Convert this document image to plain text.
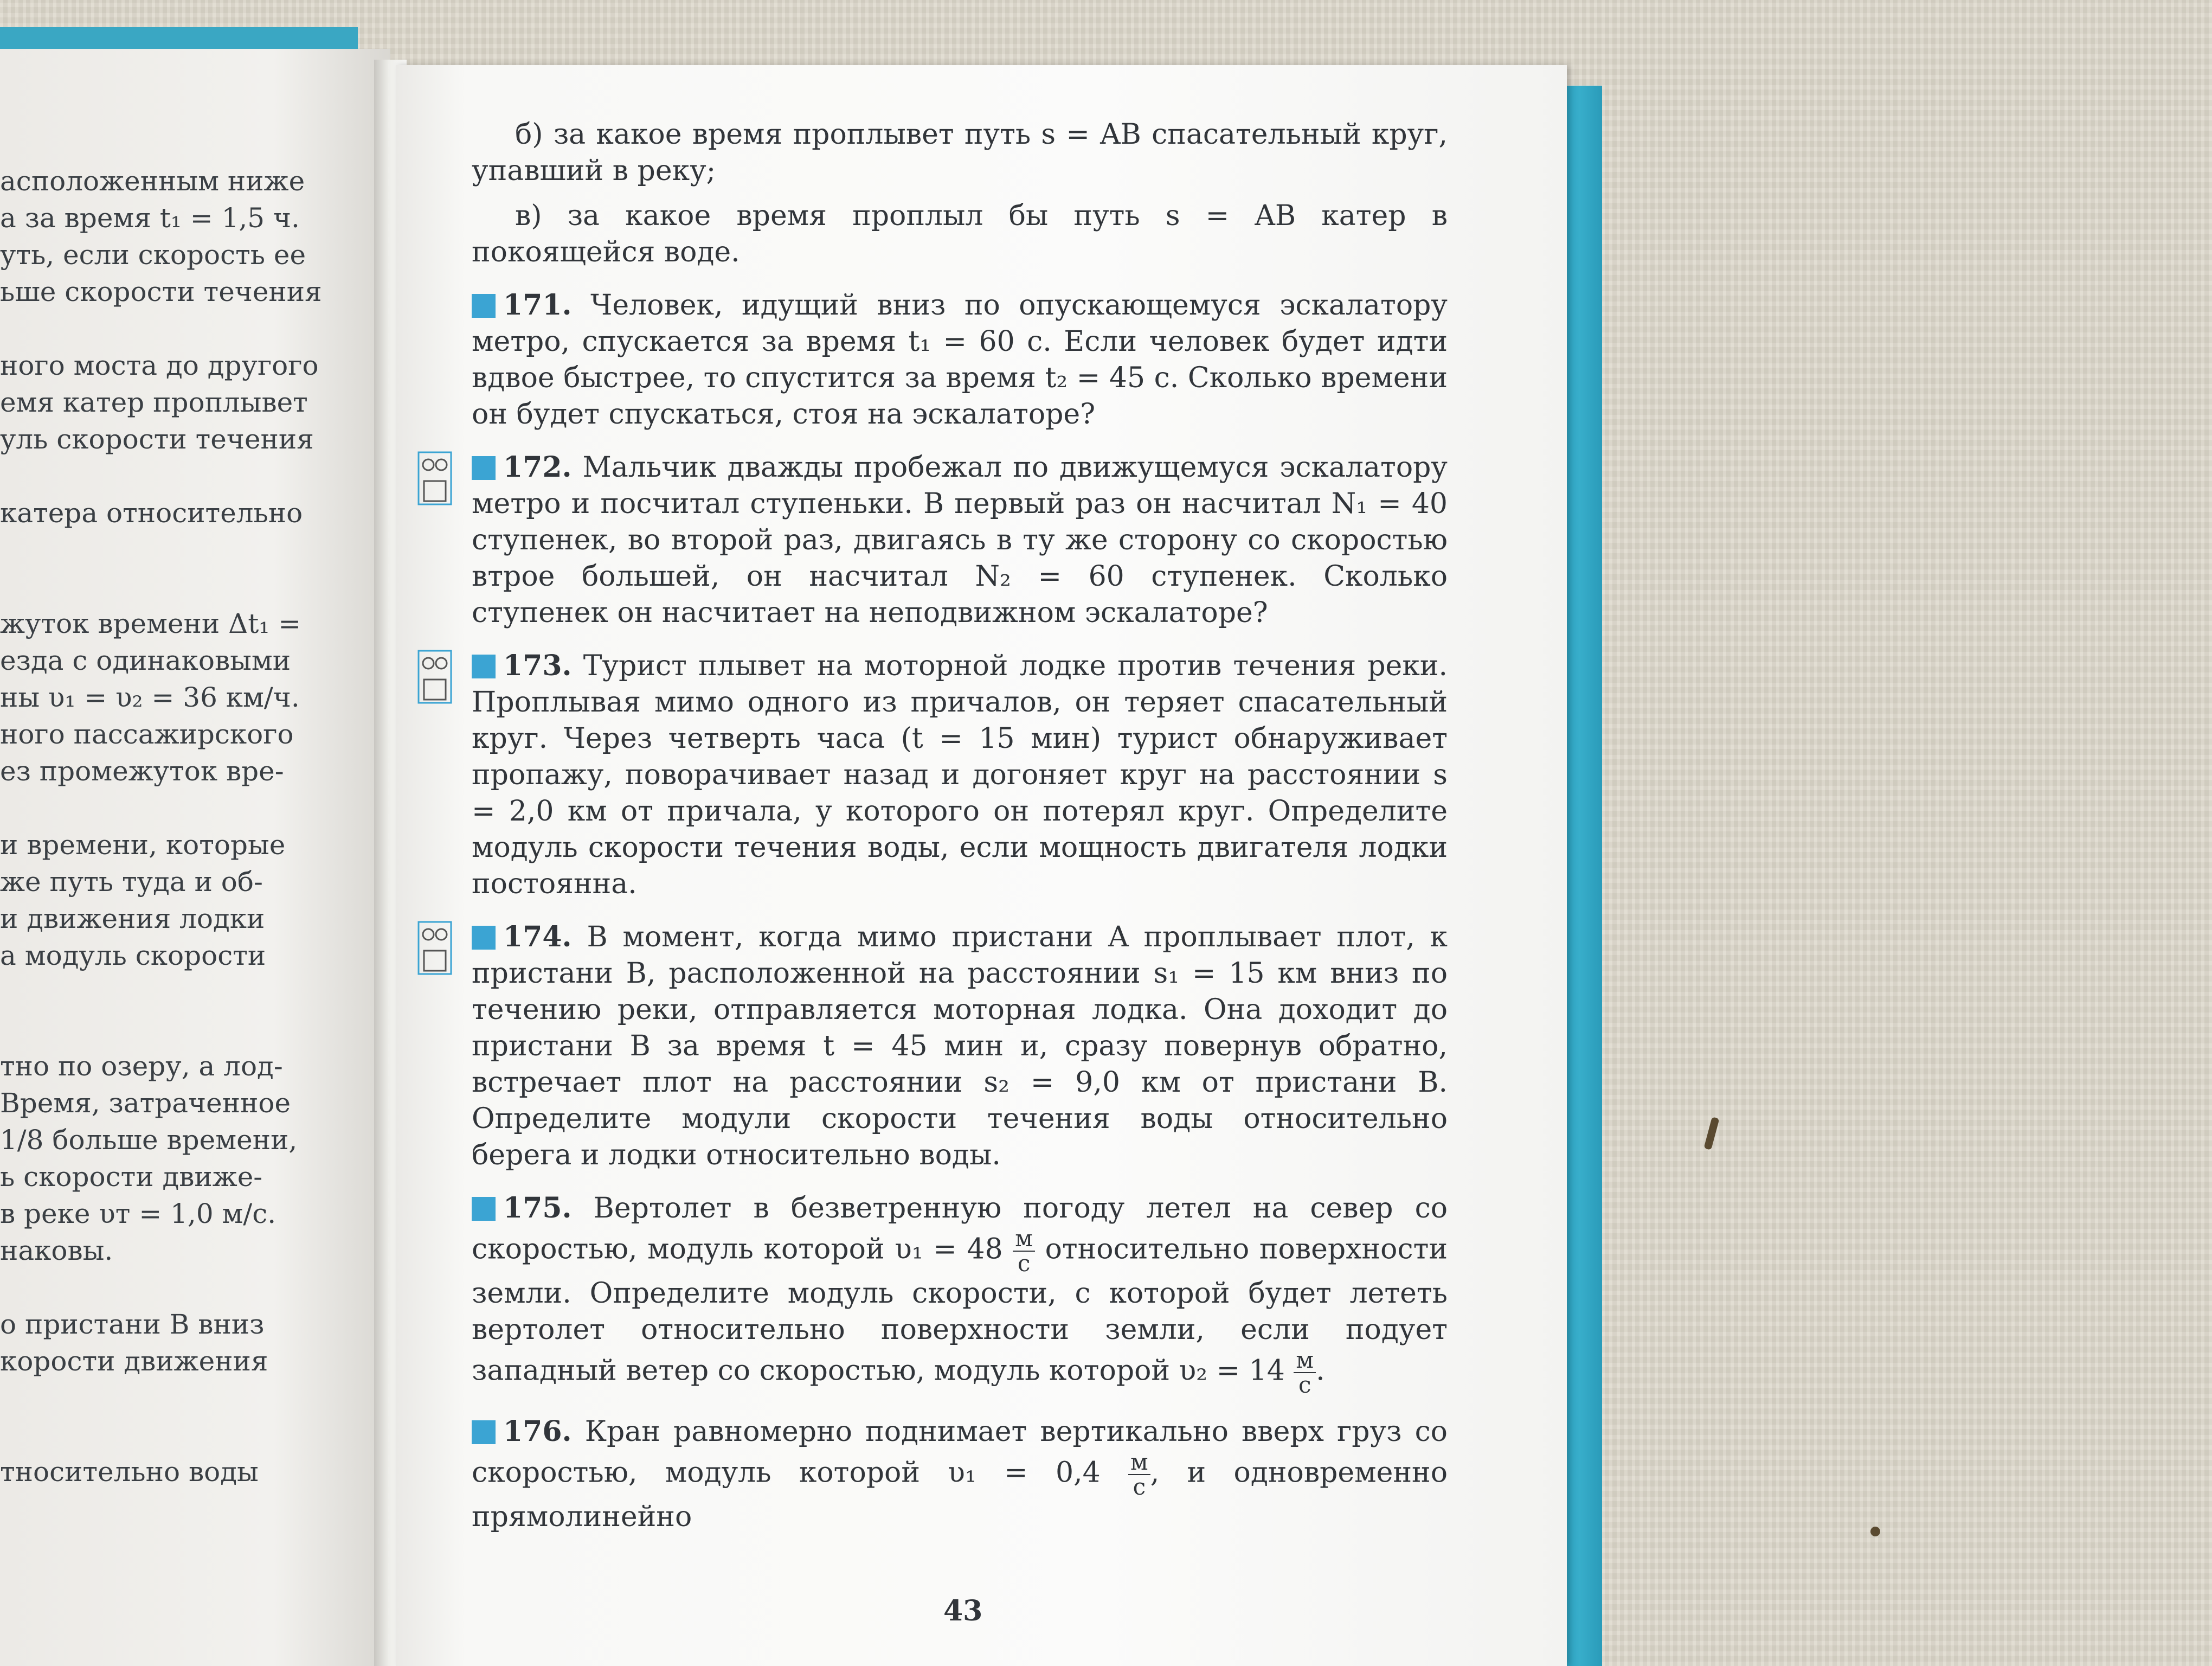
асположенным ниже
а за время t₁ = 1,5 ч.
уть, если скорость ее
ьше скорости течения

ного моста до другого
емя катер проплывет
уль скорости течения

катера относительно

жуток времени Δt₁ =
езда с одинаковыми
ны υ₁ = υ₂ = 36 км/ч.
ного пассажирского
ез промежуток вре-

и времени, которые
же путь туда и об-
и движения лодки
а модуль скорости

тно по озеру, а лод-
Время, затраченное
1/8 больше времени,
ь скорости движе-
в реке υт = 1,0 м/с.
наковы.

о пристани B вниз
корости движения

тносительно воды

б) за какое время проплывет путь s = AB спасательный круг, упавший в реку;

в) за какое время проплыл бы путь s = AB катер в покоящейся воде.

171. Человек, идущий вниз по опускающемуся эскалатору метро, спускается за время t₁ = 60 с. Если человек будет идти вдвое быстрее, то спустится за время t₂ = 45 с. Сколько времени он будет спускаться, стоя на эскалаторе?

172. Мальчик дважды пробежал по движущемуся эскалатору метро и посчитал ступеньки. В первый раз он насчитал N₁ = 40 ступенек, во второй раз, двигаясь в ту же сторону со скоростью втрое большей, он насчитал N₂ = 60 ступенек. Сколько ступенек он насчитает на неподвижном эскалаторе?

173. Турист плывет на моторной лодке против течения реки. Проплывая мимо одного из причалов, он теряет спасательный круг. Через четверть часа (t = 15 мин) турист обнаруживает пропажу, поворачивает назад и догоняет круг на расстоянии s = 2,0 км от причала, у которого он потерял круг. Определите модуль скорости течения воды, если мощность двигателя лодки постоянна.

174. В момент, когда мимо пристани A проплывает плот, к пристани B, расположенной на расстоянии s₁ = 15 км вниз по течению реки, отправляется моторная лодка. Она доходит до пристани B за время t = 45 мин и, сразу повернув обратно, встречает плот на расстоянии s₂ = 9,0 км от пристани B. Определите модули скорости течения воды относительно берега и лодки относительно воды.

175. Вертолет в безветренную погоду летел на север со скоростью, модуль которой $\upsilon_1 = 48 \frac{м}{с}$ относительно поверхности земли. Определите модуль скорости, с которой будет лететь вертолет относительно поверхности земли, если подует западный ветер со скоростью, модуль которой $\upsilon_2 = 14 \frac{м}{с}$ .

176. Кран равномерно поднимает вертикально вверх груз со скоростью, модуль которой $\upsilon_1 = 0,4 \frac{м}{с}$ , и одновременно прямолинейно

43
